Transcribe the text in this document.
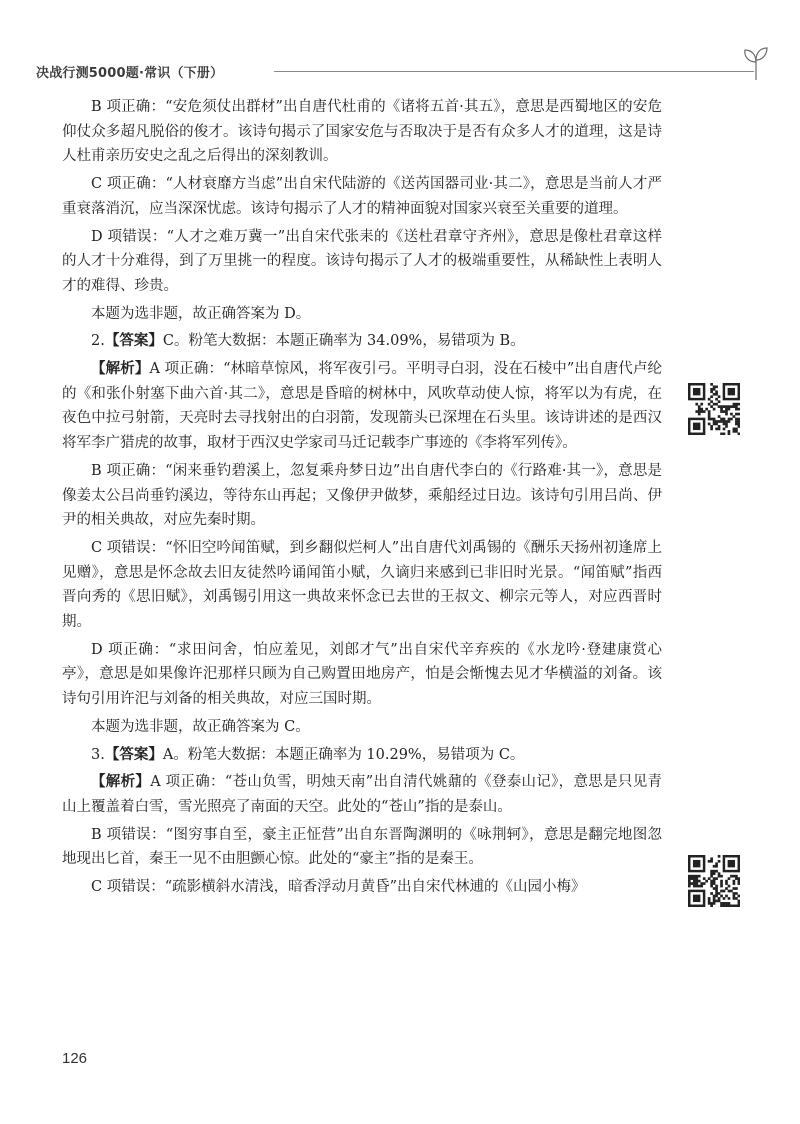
决战行测5000题·常识（下册）

B 项正确：“安危须仗出群材”出自唐代杜甫的《诸将五首·其五》，意思是西蜀地区的安危仰仗众多超凡脱俗的俊才。该诗句揭示了国家安危与否取决于是否有众多人才的道理，这是诗人杜甫亲历安史之乱之后得出的深刻教训。

C 项正确：“人材衰靡方当虑”出自宋代陆游的《送芮国器司业·其二》，意思是当前人才严重衰落消沉，应当深深忧虑。该诗句揭示了人才的精神面貌对国家兴衰至关重要的道理。

D 项错误：“人才之难万冀一”出自宋代张耒的《送杜君章守齐州》，意思是像杜君章这样的人才十分难得，到了万里挑一的程度。该诗句揭示了人才的极端重要性，从稀缺性上表明人才的难得、珍贵。

本题为选非题，故正确答案为 D。

2.【答案】C。粉笔大数据：本题正确率为 34.09%，易错项为 B。

【解析】A 项正确：“林暗草惊风，将军夜引弓。平明寻白羽，没在石棱中”出自唐代卢纶的《和张仆射塞下曲六首·其二》，意思是昏暗的树林中，风吹草动使人惊，将军以为有虎，在夜色中拉弓射箭，天亮时去寻找射出的白羽箭，发现箭头已深埋在石头里。该诗讲述的是西汉将军李广猎虎的故事，取材于西汉史学家司马迁记载李广事迹的《李将军列传》。

B 项正确：“闲来垂钓碧溪上，忽复乘舟梦日边”出自唐代李白的《行路难·其一》，意思是像姜太公吕尚垂钓溪边，等待东山再起；又像伊尹做梦，乘船经过日边。该诗句引用吕尚、伊尹的相关典故，对应先秦时期。

C 项错误：“怀旧空吟闻笛赋，到乡翻似烂柯人”出自唐代刘禹锡的《酬乐天扬州初逢席上见赠》，意思是怀念故去旧友徒然吟诵闻笛小赋，久谪归来感到已非旧时光景。“闻笛赋”指西晋向秀的《思旧赋》，刘禹锡引用这一典故来怀念已去世的王叔文、柳宗元等人，对应西晋时期。

D 项正确：“求田问舍，怕应羞见，刘郎才气”出自宋代辛弃疾的《水龙吟·登建康赏心亭》，意思是如果像许汜那样只顾为自己购置田地房产，怕是会惭愧去见才华横溢的刘备。该诗句引用许汜与刘备的相关典故，对应三国时期。

本题为选非题，故正确答案为 C。

3.【答案】A。粉笔大数据：本题正确率为 10.29%，易错项为 C。

【解析】A 项正确：“苍山负雪，明烛天南”出自清代姚鼐的《登泰山记》，意思是只见青山上覆盖着白雪，雪光照亮了南面的天空。此处的“苍山”指的是泰山。

B 项错误：“图穷事自至，豪主正怔营”出自东晋陶渊明的《咏荆轲》，意思是翻完地图忽地现出匕首，秦王一见不由胆颤心惊。此处的“豪主”指的是秦王。

C 项错误：“疏影横斜水清浅，暗香浮动月黄昏”出自宋代林逋的《山园小梅》

126
